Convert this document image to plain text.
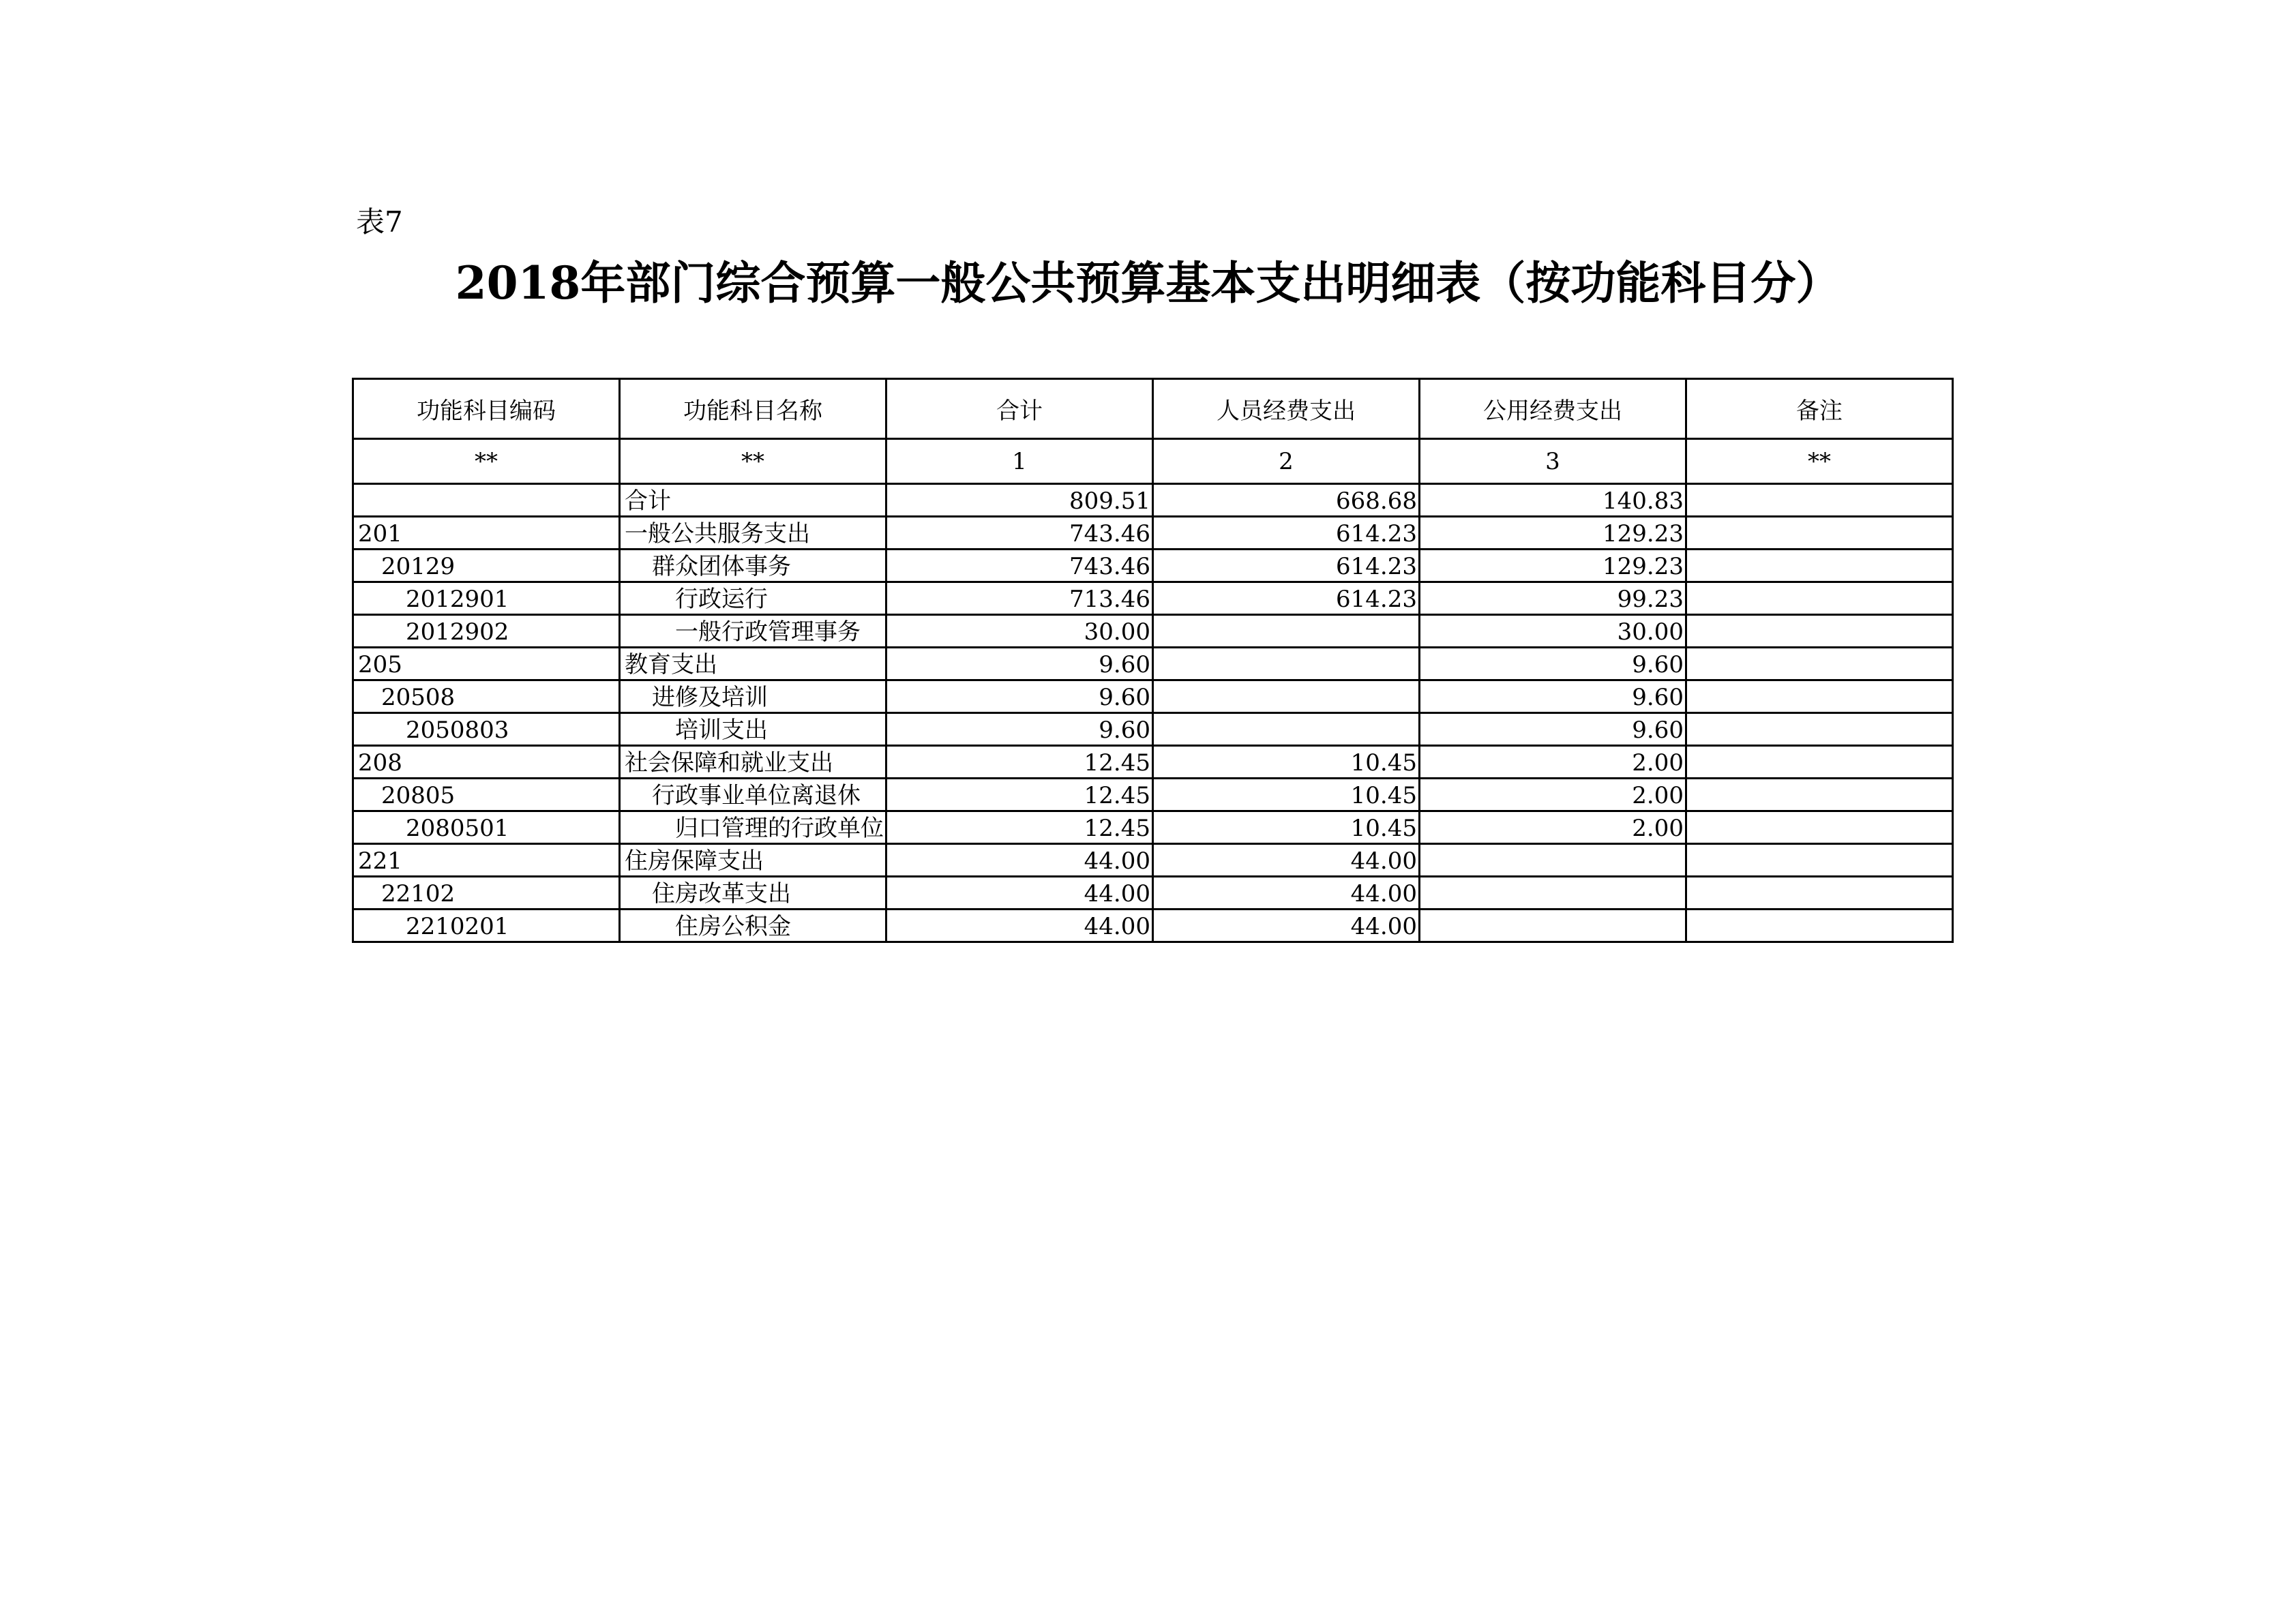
表7
2018年部门综合预算一般公共预算基本支出明细表（按功能科目分）
功能科目编码	功能科目名称	合计	人员经费支出	公用经费支出	备注
**	**	1	2	3	**
	合计	809.51	668.68	140.83	
201	一般公共服务支出	743.46	614.23	129.23	
20129	群众团体事务	743.46	614.23	129.23	
2012901	行政运行	713.46	614.23	99.23	
2012902	一般行政管理事务	30.00		30.00	
205	教育支出	9.60		9.60	
20508	进修及培训	9.60		9.60	
2050803	培训支出	9.60		9.60	
208	社会保障和就业支出	12.45	10.45	2.00	
20805	行政事业单位离退休	12.45	10.45	2.00	
2080501	归口管理的行政单位	12.45	10.45	2.00	
221	住房保障支出	44.00	44.00		
22102	住房改革支出	44.00	44.00		
2210201	住房公积金	44.00	44.00		
